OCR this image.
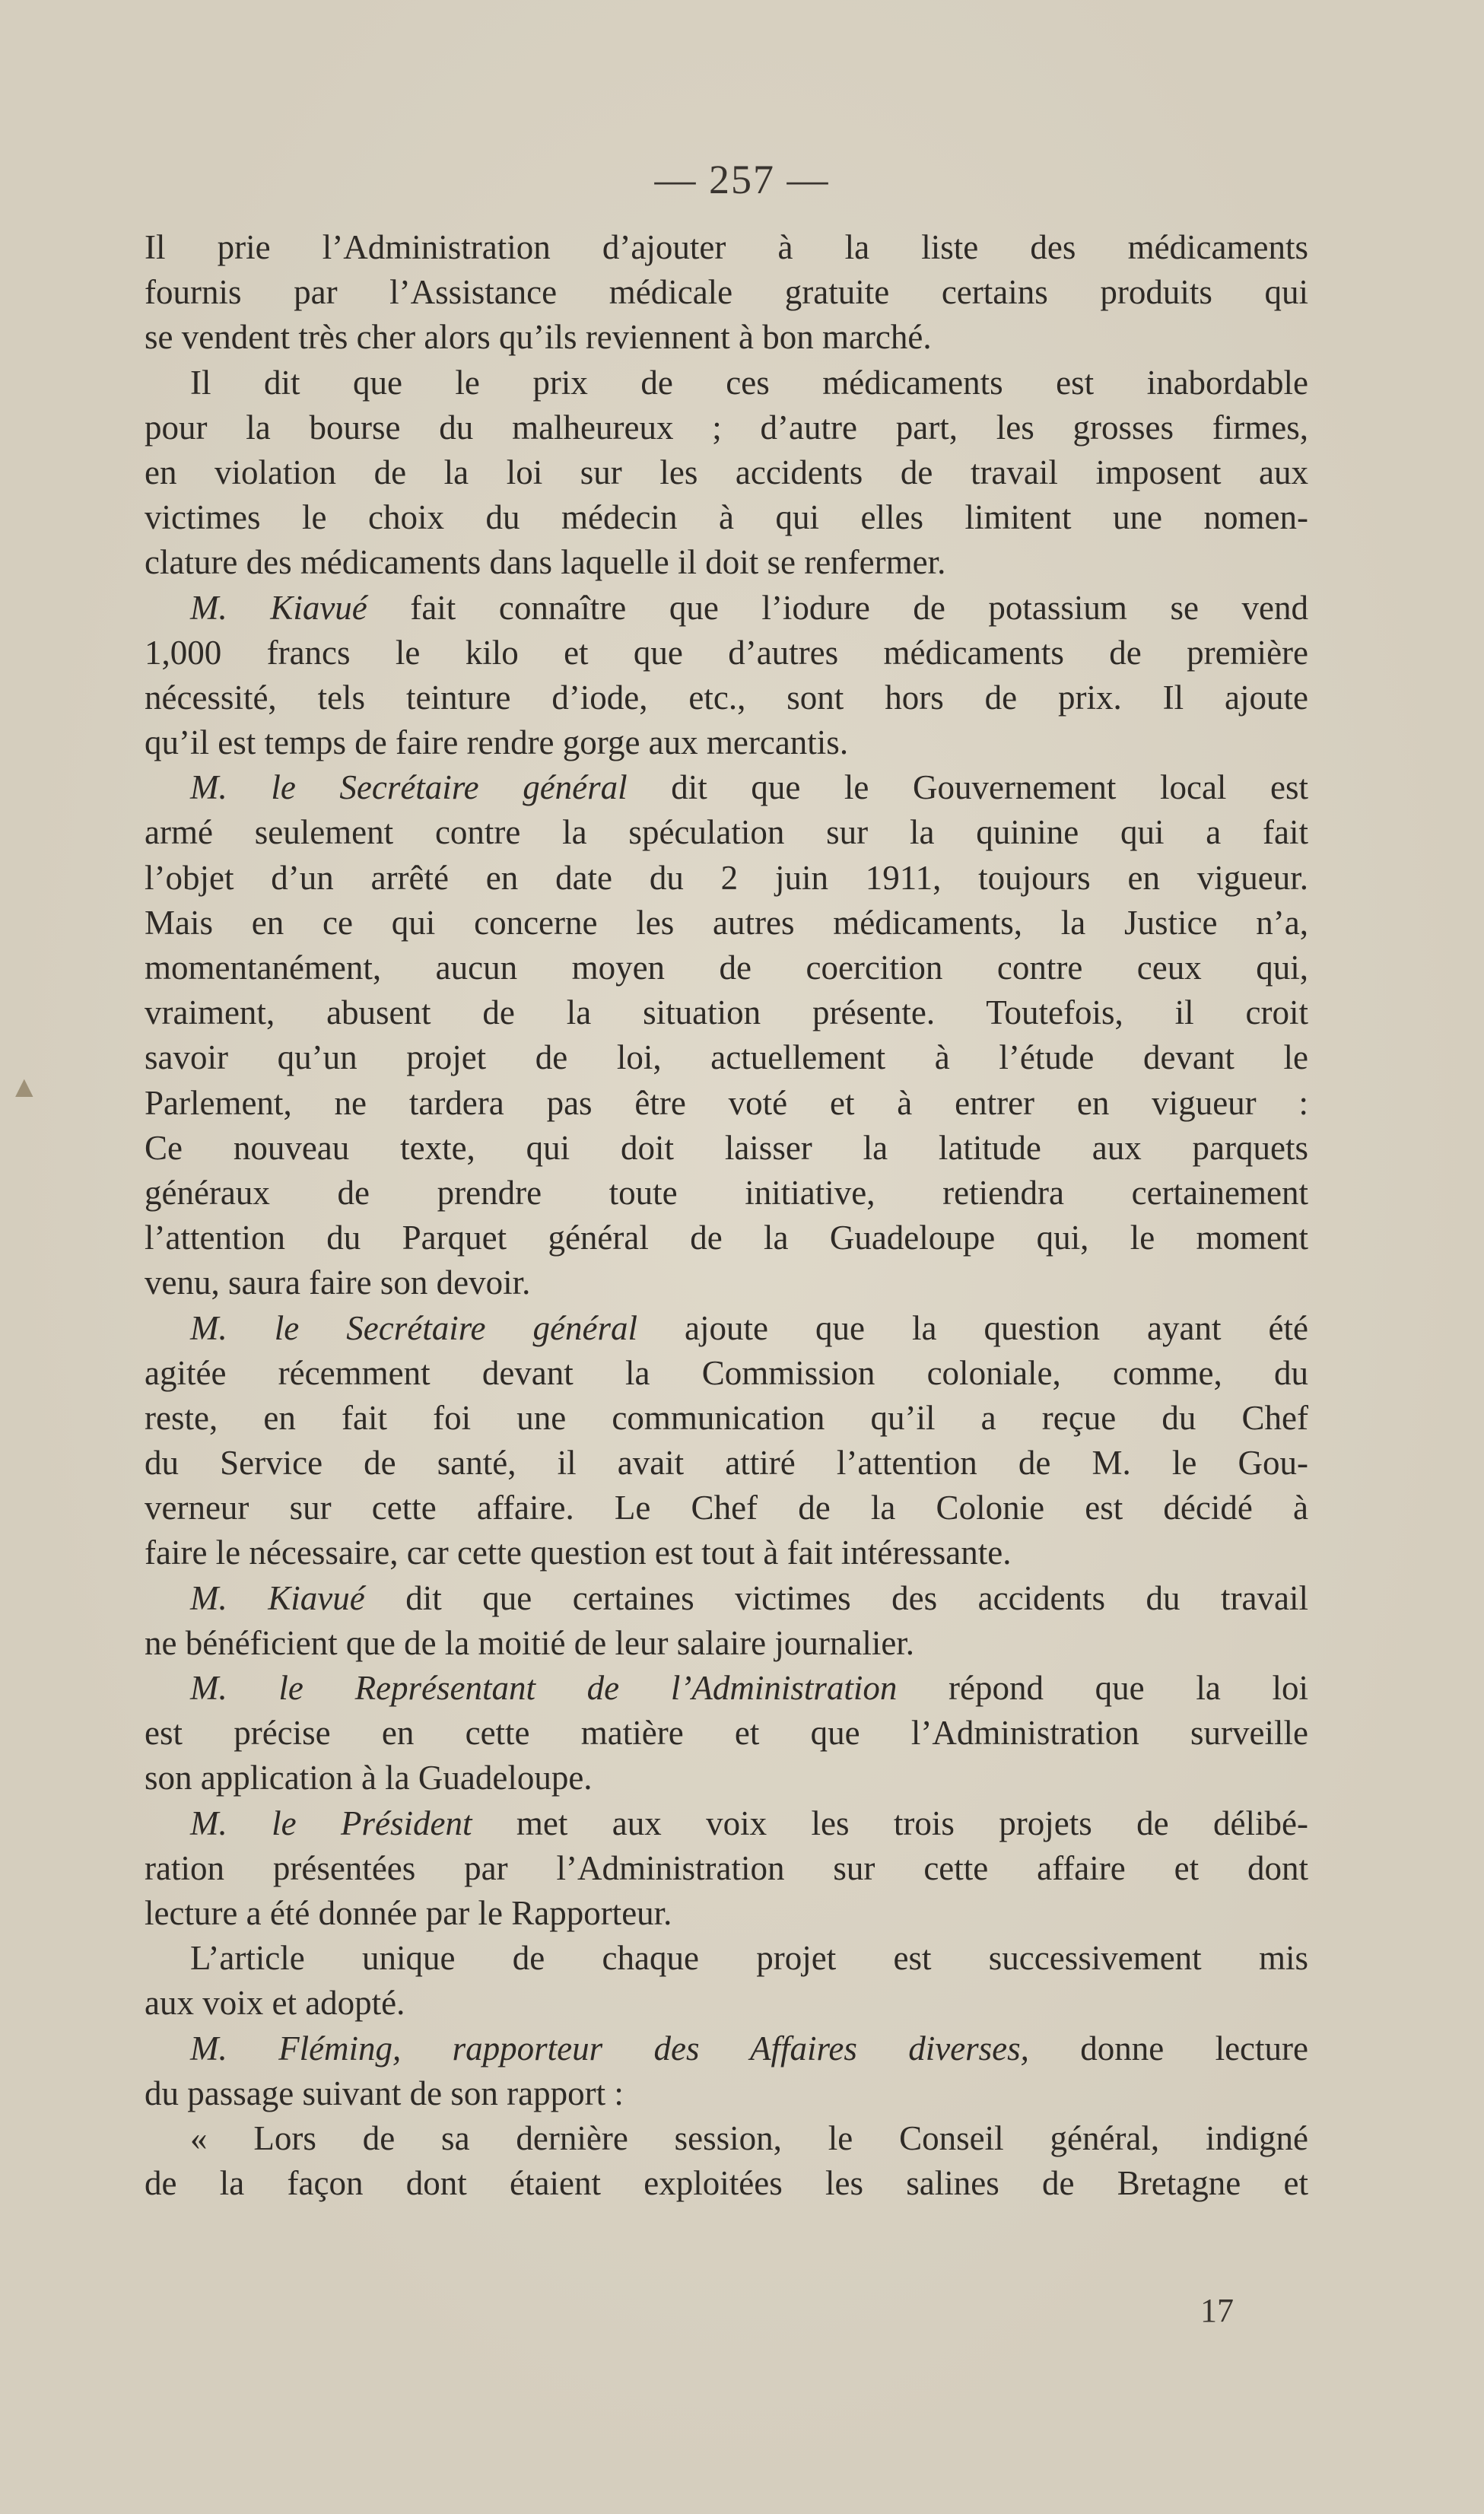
— 257 —
Il prie l’Administration d’ajouter à la liste des médicaments
fournis par l’Assistance médicale gratuite certains produits qui
se vendent très cher alors qu’ils reviennent à bon marché.
Il dit que le prix de ces médicaments est inabordable
pour la bourse du malheureux ; d’autre part, les grosses firmes,
en violation de la loi sur les accidents de travail imposent aux
victimes le choix du médecin à qui elles limitent une nomen-
clature des médicaments dans laquelle il doit se renfermer.
M. Kiavué fait connaître que l’iodure de potassium se vend
1,000 francs le kilo et que d’autres médicaments de première
nécessité, tels teinture d’iode, etc., sont hors de prix. Il ajoute
qu’il est temps de faire rendre gorge aux mercantis.
M. le Secrétaire général dit que le Gouvernement local est
armé seulement contre la spéculation sur la quinine qui a fait
l’objet d’un arrêté en date du 2 juin 1911, toujours en vigueur.
Mais en ce qui concerne les autres médicaments, la Justice n’a,
momentanément, aucun moyen de coercition contre ceux qui,
vraiment, abusent de la situation présente. Toutefois, il croit
savoir qu’un projet de loi, actuellement à l’étude devant le
Parlement, ne tardera pas être voté et à entrer en vigueur :
Ce nouveau texte, qui doit laisser la latitude aux parquets
généraux de prendre toute initiative, retiendra certainement
l’attention du Parquet général de la Guadeloupe qui, le moment
venu, saura faire son devoir.
M. le Secrétaire général ajoute que la question ayant été
agitée récemment devant la Commission coloniale, comme, du
reste, en fait foi une communication qu’il a reçue du Chef
du Service de santé, il avait attiré l’attention de M. le Gou-
verneur sur cette affaire. Le Chef de la Colonie est décidé à
faire le nécessaire, car cette question est tout à fait intéressante.
M. Kiavué dit que certaines victimes des accidents du travail
ne bénéficient que de la moitié de leur salaire journalier.
M. le Représentant de l’Administration répond que la loi
est précise en cette matière et que l’Administration surveille
son application à la Guadeloupe.
M. le Président met aux voix les trois projets de délibé-
ration présentées par l’Administration sur cette affaire et dont
lecture a été donnée par le Rapporteur.
L’article unique de chaque projet est successivement mis
aux voix et adopté.
M. Fléming, rapporteur des Affaires diverses, donne lecture
du passage suivant de son rapport :
« Lors de sa dernière session, le Conseil général, indigné
de la façon dont étaient exploitées les salines de Bretagne et
17
▲
